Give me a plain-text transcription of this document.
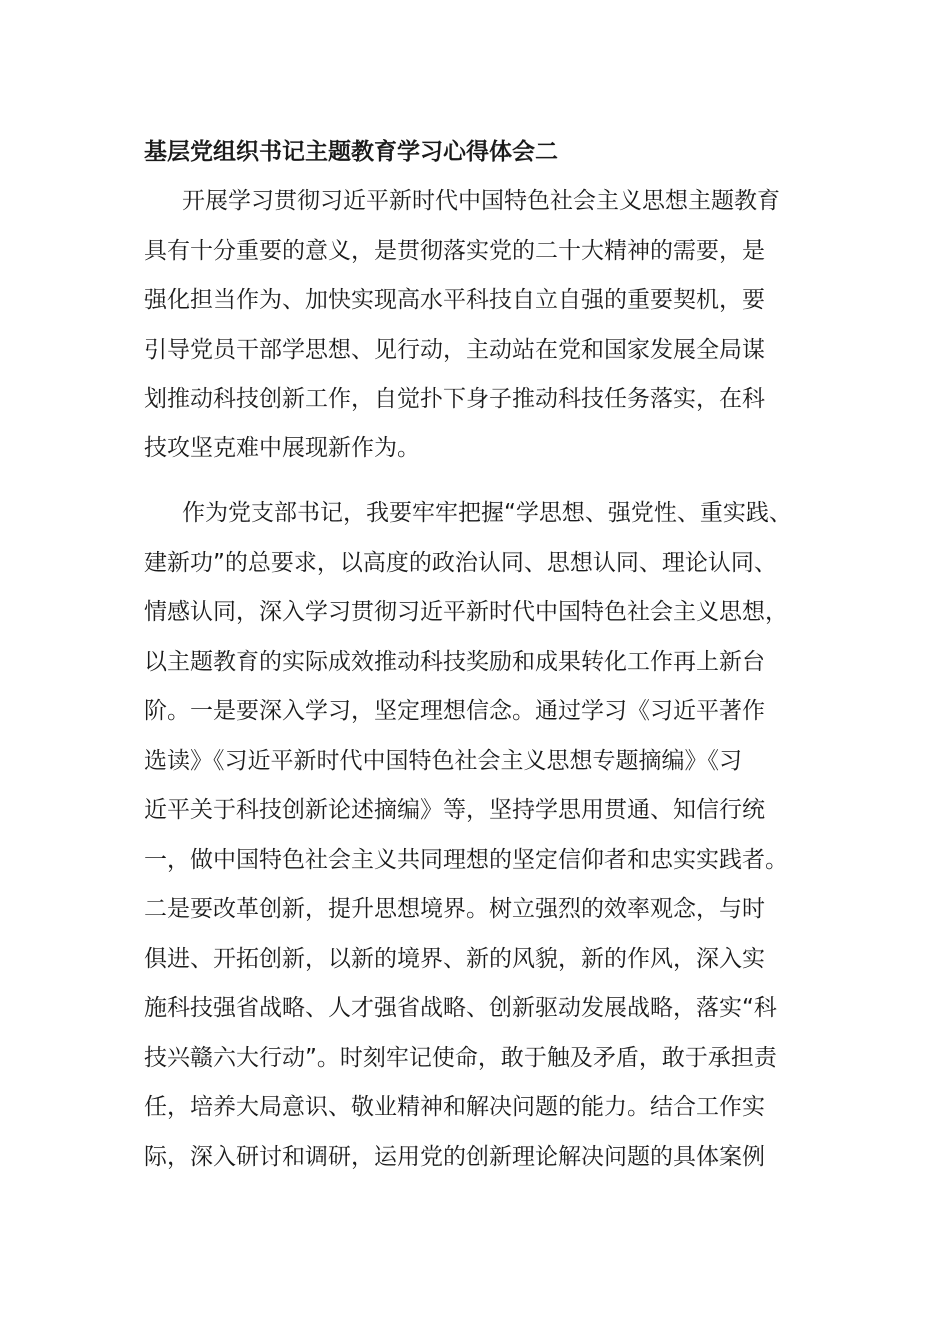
基层党组织书记主题教育学习心得体会二

开展学习贯彻习近平新时代中国特色社会主义思想主题教育

具有十分重要的意义，是贯彻落实党的二十大精神的需要，是

强化担当作为、加快实现高水平科技自立自强的重要契机，要

引导党员干部学思想、见行动，主动站在党和国家发展全局谋

划推动科技创新工作，自觉扑下身子推动科技任务落实，在科

技攻坚克难中展现新作为。

作为党支部书记，我要牢牢把握“学思想、强党性、重实践、

建新功”的总要求，以高度的政治认同、思想认同、理论认同、

情感认同，深入学习贯彻习近平新时代中国特色社会主义思想，

以主题教育的实际成效推动科技奖励和成果转化工作再上新台

阶。一是要深入学习，坚定理想信念。通过学习《习近平著作

选读》《习近平新时代中国特色社会主义思想专题摘编》《习

近平关于科技创新论述摘编》等，坚持学思用贯通、知信行统

一，做中国特色社会主义共同理想的坚定信仰者和忠实实践者。

二是要改革创新，提升思想境界。树立强烈的效率观念，与时

俱进、开拓创新，以新的境界、新的风貌，新的作风，深入实

施科技强省战略、人才强省战略、创新驱动发展战略，落实“科

技兴赣六大行动”。时刻牢记使命，敢于触及矛盾，敢于承担责

任，培养大局意识、敬业精神和解决问题的能力。结合工作实

际，深入研讨和调研，运用党的创新理论解决问题的具体案例
